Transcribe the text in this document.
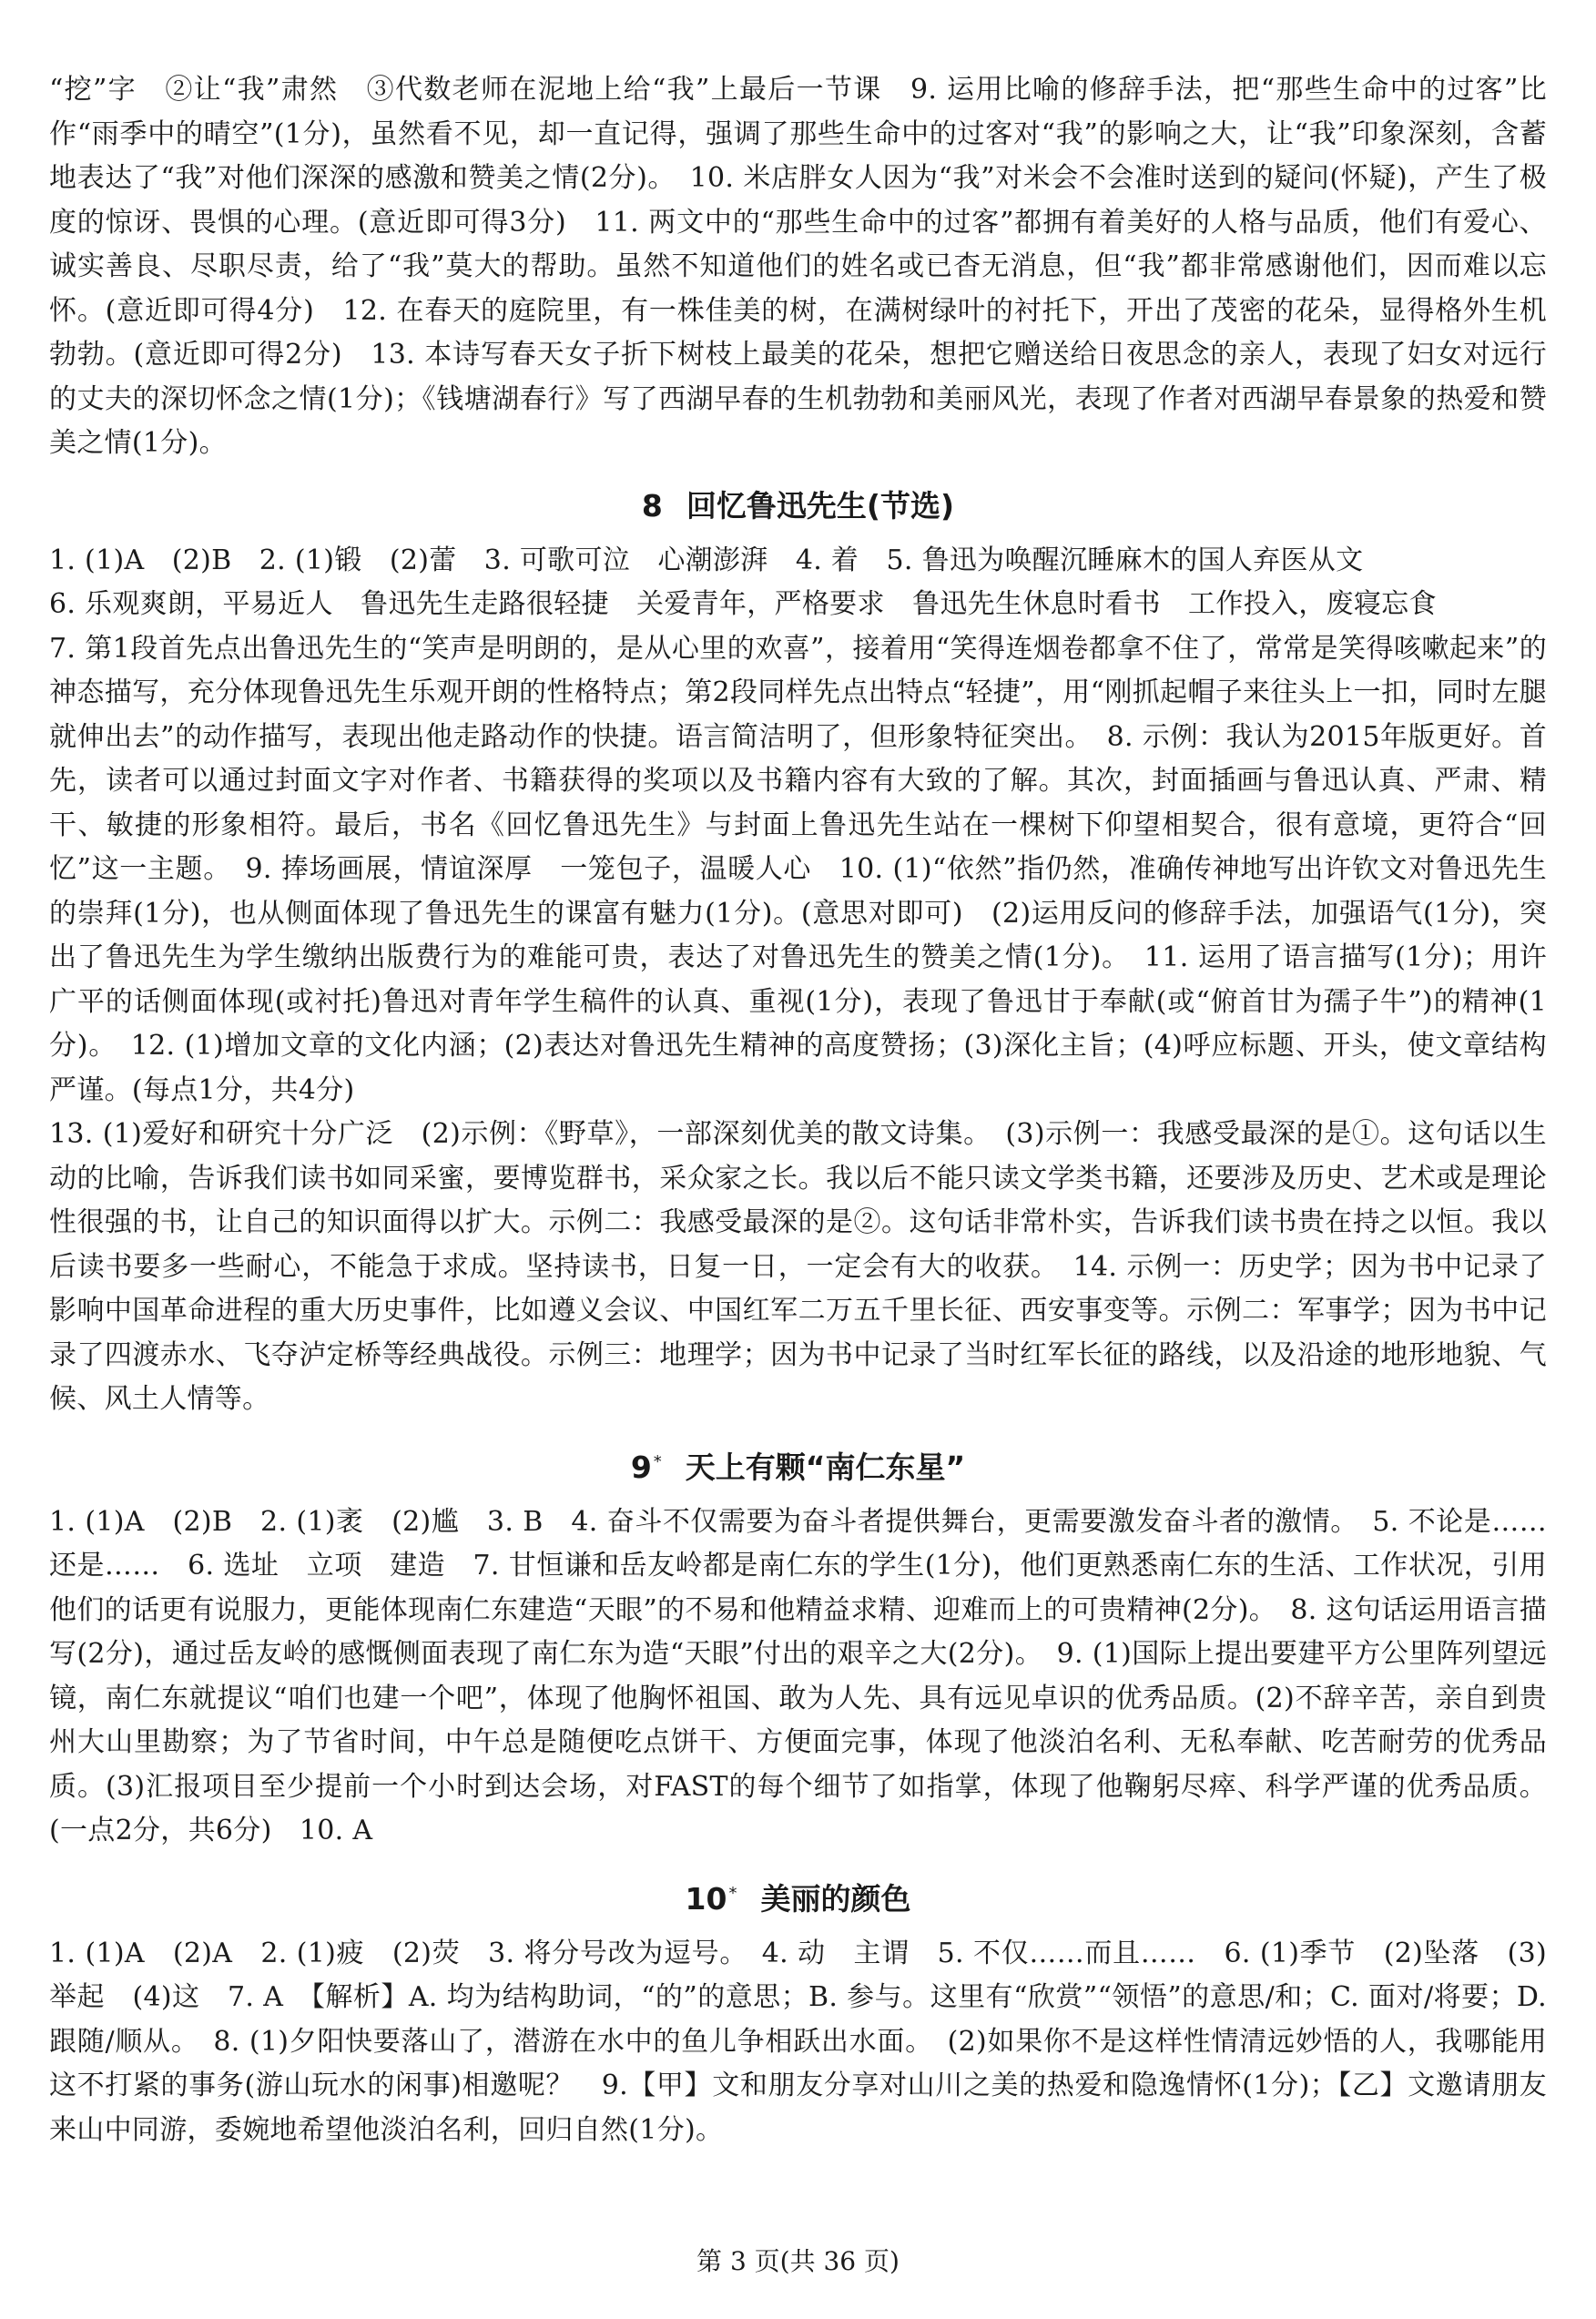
“挖”字　②让“我”肃然　③代数老师在泥地上给“我”上最后一节课　9. 运用比喻的修辞手法，把“那些生命中的过客”比作“雨季中的晴空”(1分)，虽然看不见，却一直记得，强调了那些生命中的过客对“我”的影响之大，让“我”印象深刻，含蓄地表达了“我”对他们深深的感激和赞美之情(2分)。　10. 米店胖女人因为“我”对米会不会准时送到的疑问(怀疑)，产生了极度的惊讶、畏惧的心理。(意近即可得3分)　11. 两文中的“那些生命中的过客”都拥有着美好的人格与品质，他们有爱心、诚实善良、尽职尽责，给了“我”莫大的帮助。虽然不知道他们的姓名或已杳无消息，但“我”都非常感谢他们，因而难以忘怀。(意近即可得4分)　12. 在春天的庭院里，有一株佳美的树，在满树绿叶的衬托下，开出了茂密的花朵，显得格外生机勃勃。(意近即可得2分)　13. 本诗写春天女子折下树枝上最美的花朵，想把它赠送给日夜思念的亲人，表现了妇女对远行的丈夫的深切怀念之情(1分)；《钱塘湖春行》写了西湖早春的生机勃勃和美丽风光，表现了作者对西湖早春景象的热爱和赞美之情(1分)。

8 回忆鲁迅先生(节选)

1. (1)A　(2)B　2. (1)锻　(2)蕾　3. 可歌可泣　心潮澎湃　4. 着　5. 鲁迅为唤醒沉睡麻木的国人弃医从文

6. 乐观爽朗，平易近人　鲁迅先生走路很轻捷　关爱青年，严格要求　鲁迅先生休息时看书　工作投入，废寝忘食

7. 第1段首先点出鲁迅先生的“笑声是明朗的，是从心里的欢喜”，接着用“笑得连烟卷都拿不住了，常常是笑得咳嗽起来”的神态描写，充分体现鲁迅先生乐观开朗的性格特点；第2段同样先点出特点“轻捷”，用“刚抓起帽子来往头上一扣，同时左腿就伸出去”的动作描写，表现出他走路动作的快捷。语言简洁明了，但形象特征突出。　8. 示例：我认为2015年版更好。首先，读者可以通过封面文字对作者、书籍获得的奖项以及书籍内容有大致的了解。其次，封面插画与鲁迅认真、严肃、精干、敏捷的形象相符。最后，书名《回忆鲁迅先生》与封面上鲁迅先生站在一棵树下仰望相契合，很有意境，更符合“回忆”这一主题。　9. 捧场画展，情谊深厚　一笼包子，温暖人心　10. (1)“依然”指仍然，准确传神地写出许钦文对鲁迅先生的崇拜(1分)，也从侧面体现了鲁迅先生的课富有魅力(1分)。(意思对即可)　(2)运用反问的修辞手法，加强语气(1分)，突出了鲁迅先生为学生缴纳出版费行为的难能可贵，表达了对鲁迅先生的赞美之情(1分)。　11. 运用了语言描写(1分)；用许广平的话侧面体现(或衬托)鲁迅对青年学生稿件的认真、重视(1分)，表现了鲁迅甘于奉献(或“俯首甘为孺子牛”)的精神(1分)。　12. (1)增加文章的文化内涵；(2)表达对鲁迅先生精神的高度赞扬；(3)深化主旨；(4)呼应标题、开头，使文章结构严谨。(每点1分，共4分)

13. (1)爱好和研究十分广泛　(2)示例：《野草》，一部深刻优美的散文诗集。　(3)示例一：我感受最深的是①。这句话以生动的比喻，告诉我们读书如同采蜜，要博览群书，采众家之长。我以后不能只读文学类书籍，还要涉及历史、艺术或是理论性很强的书，让自己的知识面得以扩大。示例二：我感受最深的是②。这句话非常朴实，告诉我们读书贵在持之以恒。我以后读书要多一些耐心，不能急于求成。坚持读书，日复一日，一定会有大的收获。　14. 示例一：历史学；因为书中记录了影响中国革命进程的重大历史事件，比如遵义会议、中国红军二万五千里长征、西安事变等。示例二：军事学；因为书中记录了四渡赤水、飞夺泸定桥等经典战役。示例三：地理学；因为书中记录了当时红军长征的路线，以及沿途的地形地貌、气候、风土人情等。

9 * 天上有颗“南仁东星”

1. (1)A　(2)B　2. (1)袤　(2)尴　3. B　4. 奋斗不仅需要为奋斗者提供舞台，更需要激发奋斗者的激情。　5. 不论是……还是……　6. 选址　立项　建造　7. 甘恒谦和岳友岭都是南仁东的学生(1分)，他们更熟悉南仁东的生活、工作状况，引用他们的话更有说服力，更能体现南仁东建造“天眼”的不易和他精益求精、迎难而上的可贵精神(2分)。　8. 这句话运用语言描写(2分)，通过岳友岭的感慨侧面表现了南仁东为造“天眼”付出的艰辛之大(2分)。　9. (1)国际上提出要建平方公里阵列望远镜，南仁东就提议“咱们也建一个吧”，体现了他胸怀祖国、敢为人先、具有远见卓识的优秀品质。(2)不辞辛苦，亲自到贵州大山里勘察；为了节省时间，中午总是随便吃点饼干、方便面完事，体现了他淡泊名利、无私奉献、吃苦耐劳的优秀品质。(3)汇报项目至少提前一个小时到达会场，对FAST的每个细节了如指掌，体现了他鞠躬尽瘁、科学严谨的优秀品质。(一点2分，共6分)　10. A

10 * 美丽的颜色

1. (1)A　(2)A　2. (1)疲　(2)荧　3. 将分号改为逗号。　4. 动　主谓　5. 不仅……而且……　6. (1)季节　(2)坠落　(3)举起　(4)这　7. A　【解析】A. 均为结构助词，“的”的意思；B. 参与。这里有“欣赏”“领悟”的意思/和；C. 面对/将要；D. 跟随/顺从。　8. (1)夕阳快要落山了，潜游在水中的鱼儿争相跃出水面。　(2)如果你不是这样性情清远妙悟的人，我哪能用这不打紧的事务(游山玩水的闲事)相邀呢？　9.【甲】文和朋友分享对山川之美的热爱和隐逸情怀(1分)；【乙】文邀请朋友来山中同游，委婉地希望他淡泊名利，回归自然(1分)。

第 3 页(共 36 页)
